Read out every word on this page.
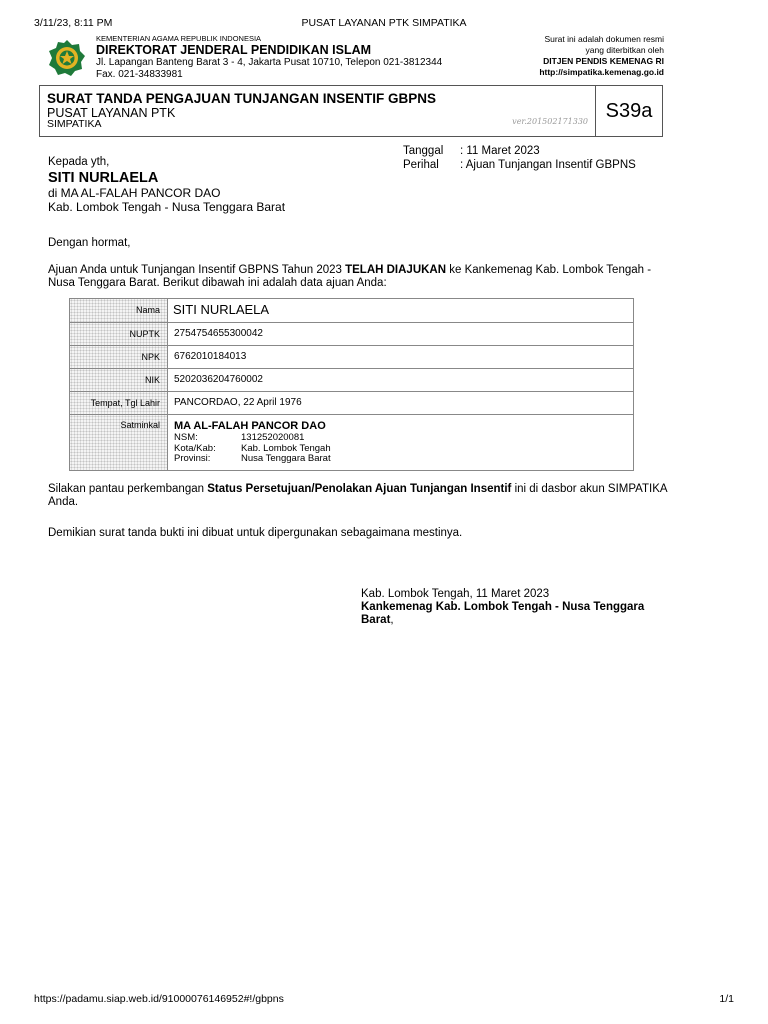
3/11/23, 8:11 PM	PUSAT LAYANAN PTK SIMPATIKA
KEMENTERIAN AGAMA REPUBLIK INDONESIA
DIREKTORAT JENDERAL PENDIDIKAN ISLAM
Jl. Lapangan Banteng Barat 3 - 4, Jakarta Pusat 10710, Telepon 021-3812344
Fax. 021-34833981
Surat ini adalah dokumen resmi
yang diterbitkan oleh
DITJEN PENDIS KEMENAG RI
http://simpatika.kemenag.go.id
SURAT TANDA PENGAJUAN TUNJANGAN INSENTIF GBPNS
PUSAT LAYANAN PTK
SIMPATIKA	ver.201502171330 S39a
Tanggal	: 11 Maret 2023
Perihal	: Ajuan Tunjangan Insentif GBPNS
Kepada yth,
SITI NURLAELA
di MA AL-FALAH PANCOR DAO
Kab. Lombok Tengah - Nusa Tenggara Barat
Dengan hormat,
Ajuan Anda untuk Tunjangan Insentif GBPNS Tahun 2023 TELAH DIAJUKAN ke Kankemenag Kab. Lombok Tengah - Nusa Tenggara Barat. Berikut dibawah ini adalah data ajuan Anda:
Nama	SITI NURLAELA
NUPTK	2754754655300042
NPK	6762010184013
NIK	5202036204760002
Tempat, Tgl Lahir	PANCORDAO, 22 April 1976
Satminkal	MA AL-FALAH PANCOR DAO
NSM:	131252020081
Kota/Kab:	Kab. Lombok Tengah
Provinsi:	Nusa Tenggara Barat
Silakan pantau perkembangan Status Persetujuan/Penolakan Ajuan Tunjangan Insentif ini di dasbor akun SIMPATIKA Anda.
Demikian surat tanda bukti ini dibuat untuk dipergunakan sebagaimana mestinya.
Kab. Lombok Tengah, 11 Maret 2023
Kankemenag Kab. Lombok Tengah - Nusa Tenggara Barat,
https://padamu.siap.web.id/91000076146952#!/gbpns	1/1
